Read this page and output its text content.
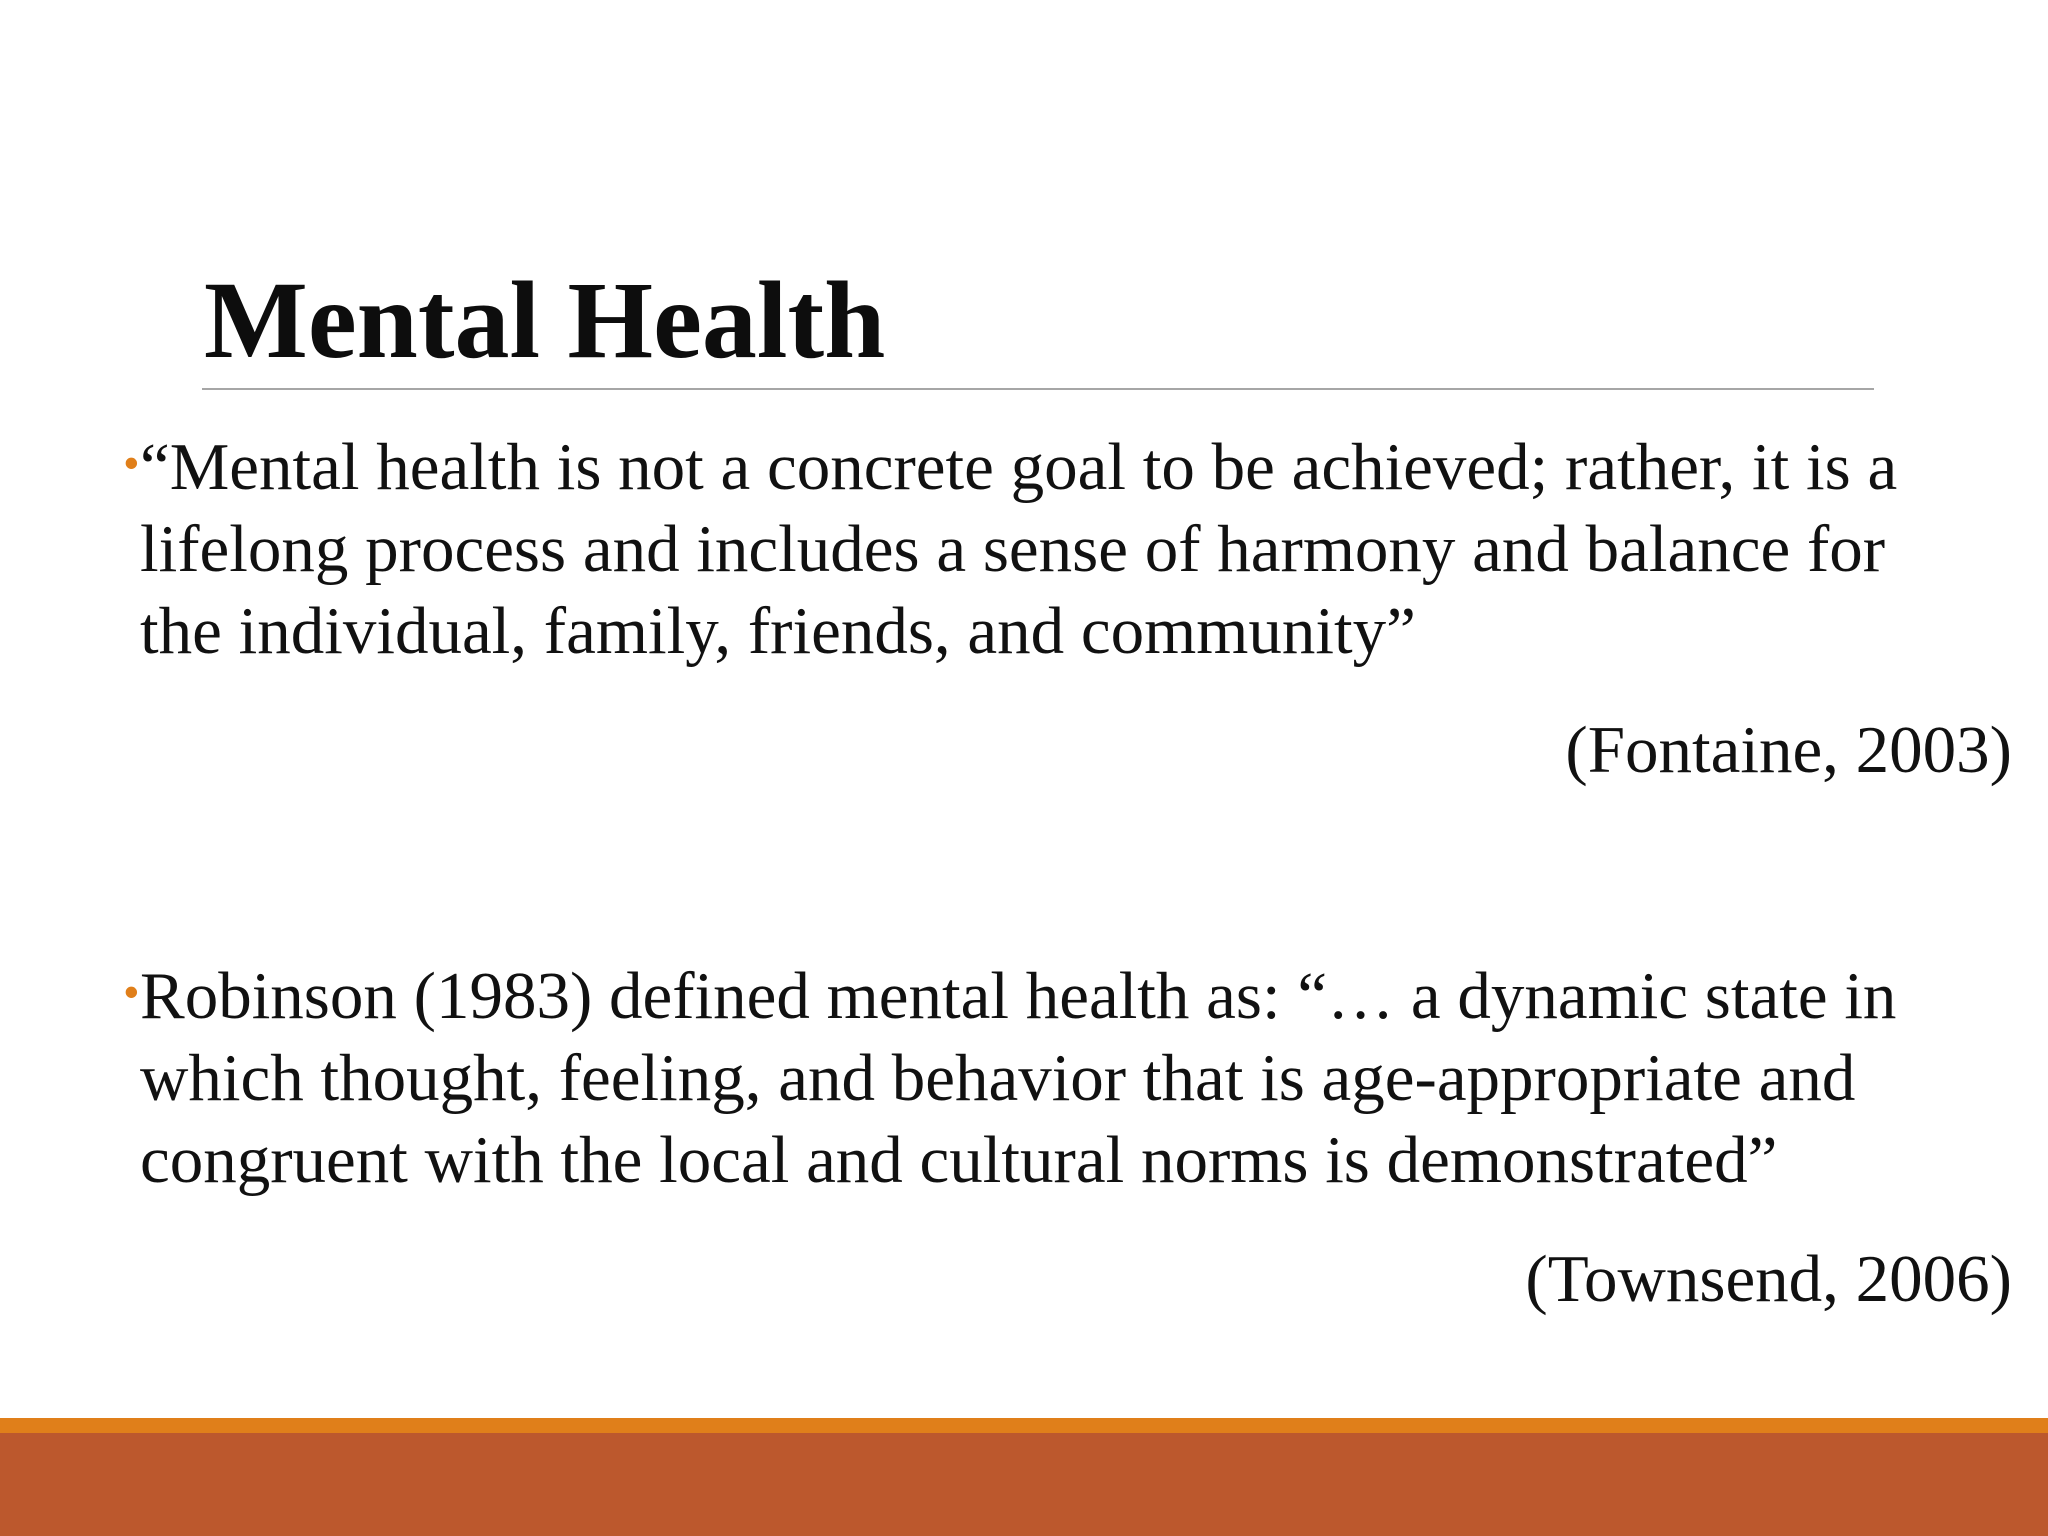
Mental Health
• “Mental health is not a concrete goal to be achieved; rather, it is a lifelong process and includes a sense of harmony and balance for the individual, family, friends, and community”
(Fontaine, 2003)
• Robinson (1983) defined mental health as: “… a dynamic state in which thought, feeling, and behavior that is age-appropriate and congruent with the local and cultural norms is demonstrated”
(Townsend, 2006)
